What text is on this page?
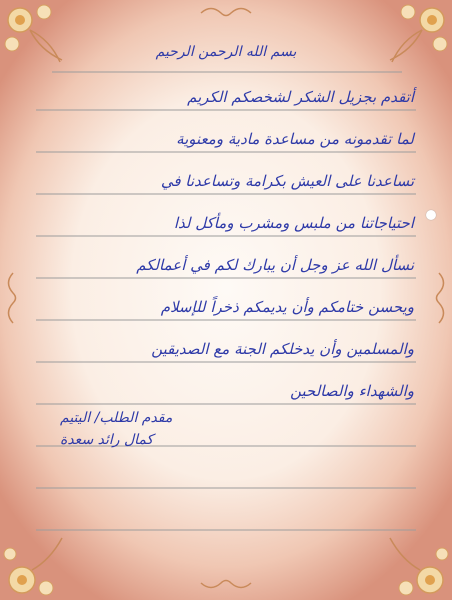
بسم الله الرحمن الرحيم
أتقدم بجزيل الشكر لشخصكم الكريم
لما تقدمونه من مساعدة مادية ومعنوية
تساعدنا على العيش بكرامة وتساعدنا في
احتياجاتنا من ملبس ومشرب ومأكل لذا
نسأل الله عز وجل أن يبارك لكم في أعمالكم
ويحسن ختامكم وأن يديمكم ذخراً للإسلام
والمسلمين وأن يدخلكم الجنة مع الصديقين
والشهداء والصالحين
مقدم الطلب/ اليتيم
كمال رائد سعدة
